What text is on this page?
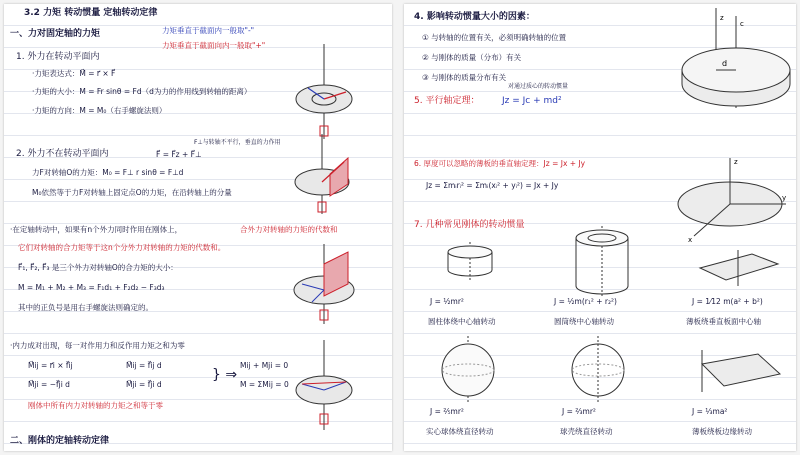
3.2 力矩 转动惯量 定轴转动定律
一、力对固定轴的力矩	力矩垂直于截面内一般取"-"
力矩垂直于截面向内一般取"+"
1. 外力在转动平面内
·力矩表达式：M⃗ = r⃗ × F⃗
·力矩的大小：M = Fr sinθ = Fd（d为力的作用线到转轴的距离）
·力矩的方向：M = M₀（右手螺旋法则）
2. 外力不在转动平面内	F⃗ = F⃗z + F⃗⊥
F⊥与转轴不平行，垂直的力作用
力F对转轴O的力矩：M₀ = F⊥ r sinθ = F⊥d
M₀依然等于力F对转轴上固定点O的力矩，在沿转轴上的分量
·在定轴转动中，如果有n个外力同时作用在刚体上，	合外力对转轴的力矩的代数和
它们对转轴的合力矩等于这n个分外力对转轴的力矩的代数和。
F⃗₁, F⃗₂, F⃗₃ 是三个外力对转轴O的合力矩的大小：
M = M₁ + M₂ + M₃ = F₁d₁ + F₂d₂ − F₃d₃
其中的正负号是用右手螺旋法则确定的。
·内力成对出现，每一对作用力和反作用力矩之和为零
M⃗ij = r⃗i × f⃗ij
M⃗ji = −f⃗ji d
M⃗ij = f⃗ij d
M⃗ji = f⃗ji d
} ⇒
Mij + Mji = 0
M = ΣMij = 0
刚体中所有内力对转轴的力矩之和等于零
二、刚体的定轴转动定律
4. 影响转动惯量大小的因素：
① 与转轴的位置有关，必须明确转轴的位置
② 与刚体的质量（分布）有关
③ 与刚体的质量分布有关
5. 平行轴定理：	Jz = Jc + md²
对通过质心的转动惯量
d
z
c
6. 厚度可以忽略的薄板的垂直轴定理：Jz = Jx + Jy
Jz = Σmᵢrᵢ² = Σmᵢ(xᵢ² + yᵢ²) = Jx + Jy
z
y
x
7. 几种常见刚体的转动惯量
J = ½mr²	J = ½m(r₁² + r₂²)	J = 1⁄12 m(a² + b²)
圆柱体绕中心轴转动	圆筒绕中心轴转动	薄板绕垂直板面中心轴
J = ⅖mr²	J = ⅔mr²	J = ⅓ma²
实心球体绕直径转动	球壳绕直径转动	薄板绕板边缘转动
